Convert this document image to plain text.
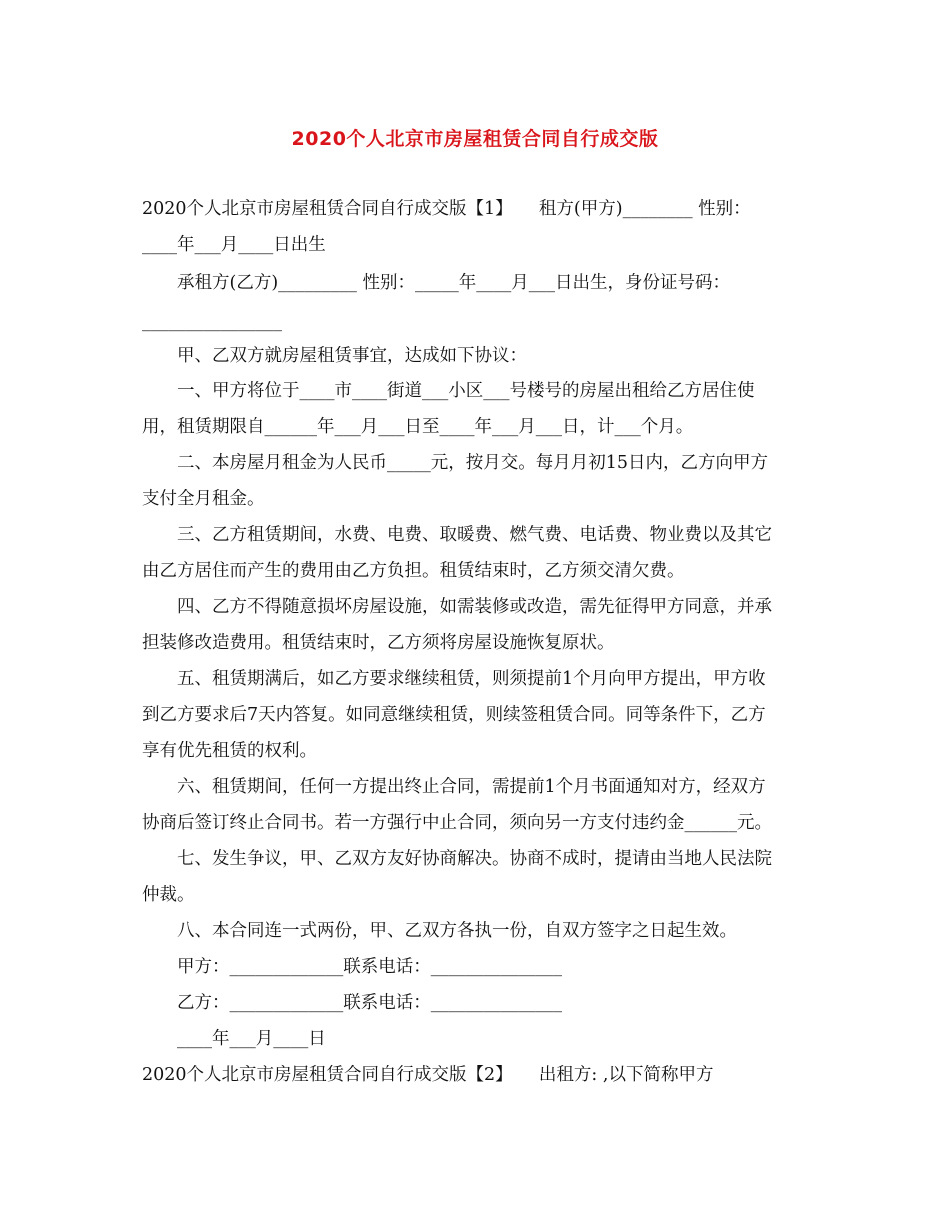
2020个人北京市房屋租赁合同自行成交版
2020个人北京市房屋租赁合同自行成交版【1】　　租方(甲方)________ 性别：
____年___月____日出生
承租方(乙方)_________ 性别：_____年____月___日出生，身份证号码：
________________
甲、乙双方就房屋租赁事宜，达成如下协议：
一、甲方将位于____市____街道___小区___号楼号的房屋出租给乙方居住使
用，租赁期限自______年___月___日至____年___月___日，计___个月。
二、本房屋月租金为人民币_____元，按月交。每月月初15日内，乙方向甲方
支付全月租金。
三、乙方租赁期间，水费、电费、取暖费、燃气费、电话费、物业费以及其它
由乙方居住而产生的费用由乙方负担。租赁结束时，乙方须交清欠费。
四、乙方不得随意损坏房屋设施，如需装修或改造，需先征得甲方同意，并承
担装修改造费用。租赁结束时，乙方须将房屋设施恢复原状。
五、租赁期满后，如乙方要求继续租赁，则须提前1个月向甲方提出，甲方收
到乙方要求后7天内答复。如同意继续租赁，则续签租赁合同。同等条件下，乙方
享有优先租赁的权利。
六、租赁期间，任何一方提出终止合同，需提前1个月书面通知对方，经双方
协商后签订终止合同书。若一方强行中止合同，须向另一方支付违约金______元。
七、发生争议，甲、乙双方友好协商解决。协商不成时，提请由当地人民法院
仲裁。
八、本合同连一式两份，甲、乙双方各执一份，自双方签字之日起生效。
甲方：_____________联系电话：_______________
乙方：_____________联系电话：_______________
____年___月____日
2020个人北京市房屋租赁合同自行成交版【2】　　出租方: ,以下简称甲方
